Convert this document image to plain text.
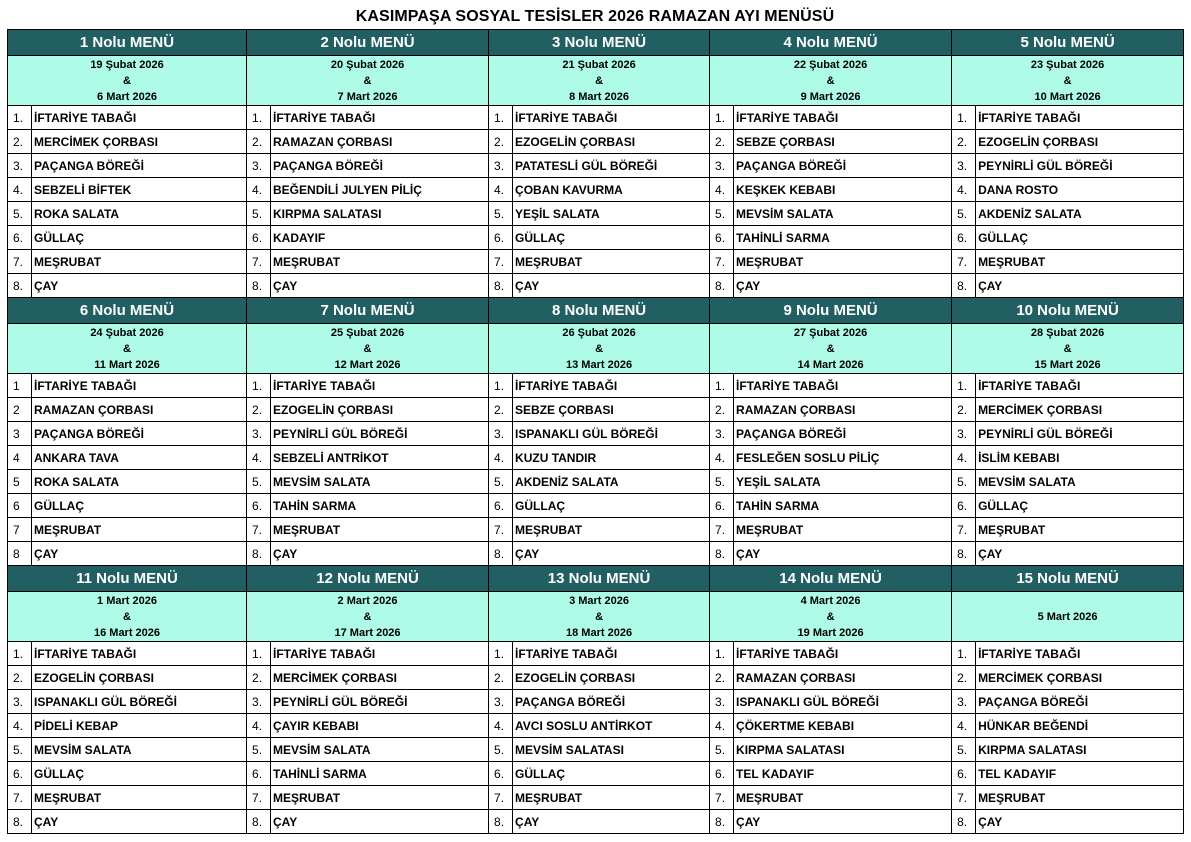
KASIMPAŞA SOSYAL TESİSLER 2026 RAMAZAN AYI MENÜSÜ
1 Nolu MENÜ		2 Nolu MENÜ		3 Nolu MENÜ		4 Nolu MENÜ		5 Nolu MENÜ	

19 Şubat 2026
&
6 Mart 2026		20 Şubat 2026
&
7 Mart 2026		21 Şubat 2026
&
8 Mart 2026		22 Şubat 2026
&
9 Mart 2026		23 Şubat 2026
&
10 Mart 2026	

1.	İFTARİYE TABAĞI	1.	İFTARİYE TABAĞI	1.	İFTARİYE TABAĞI	1.	İFTARİYE TABAĞI	1.	İFTARİYE TABAĞI
2.	MERCİMEK ÇORBASI	2.	RAMAZAN ÇORBASI	2.	EZOGELİN ÇORBASI	2.	SEBZE ÇORBASI	2.	EZOGELİN ÇORBASI
3.	PAÇANGA BÖREĞİ	3.	PAÇANGA BÖREĞİ	3.	PATATESLİ GÜL BÖREĞİ	3.	PAÇANGA BÖREĞİ	3.	PEYNİRLİ GÜL BÖREĞİ
4.	SEBZELİ BİFTEK	4.	BEĞENDİLİ JULYEN PİLİÇ	4.	ÇOBAN KAVURMA	4.	KEŞKEK KEBABI	4.	DANA ROSTO
5.	ROKA SALATA	5.	KIRPMA SALATASI	5.	YEŞİL SALATA	5.	MEVSİM SALATA	5.	AKDENİZ SALATA
6.	GÜLLAÇ	6.	KADAYIF	6.	GÜLLAÇ	6.	TAHİNLİ SARMA	6.	GÜLLAÇ
7.	MEŞRUBAT	7.	MEŞRUBAT	7.	MEŞRUBAT	7.	MEŞRUBAT	7.	MEŞRUBAT
8.	ÇAY	8.	ÇAY	8.	ÇAY	8.	ÇAY	8.	ÇAY
6 Nolu MENÜ		7 Nolu MENÜ		8 Nolu MENÜ		9 Nolu MENÜ		10 Nolu MENÜ	

24 Şubat 2026
&
11 Mart 2026		25 Şubat 2026
&
12 Mart 2026		26 Şubat 2026
&
13 Mart 2026		27 Şubat 2026
&
14 Mart 2026		28 Şubat 2026
&
15 Mart 2026	

1	İFTARİYE TABAĞI	1.	İFTARİYE TABAĞI	1.	İFTARİYE TABAĞI	1.	İFTARİYE TABAĞI	1.	İFTARİYE TABAĞI
2	RAMAZAN ÇORBASI	2.	EZOGELİN ÇORBASI	2.	SEBZE ÇORBASI	2.	RAMAZAN ÇORBASI	2.	MERCİMEK ÇORBASI
3	PAÇANGA BÖREĞİ	3.	PEYNİRLİ GÜL BÖREĞİ	3.	ISPANAKLI GÜL BÖREĞİ	3.	PAÇANGA BÖREĞİ	3.	PEYNİRLİ GÜL BÖREĞİ
4	ANKARA TAVA	4.	SEBZELİ ANTRİKOT	4.	KUZU TANDIR	4.	FESLEĞEN SOSLU PİLİÇ	4.	İSLİM KEBABI
5	ROKA SALATA	5.	MEVSİM SALATA	5.	AKDENİZ SALATA	5.	YEŞİL SALATA	5.	MEVSİM SALATA
6	GÜLLAÇ	6.	TAHİN SARMA	6.	GÜLLAÇ	6.	TAHİN SARMA	6.	GÜLLAÇ
7	MEŞRUBAT	7.	MEŞRUBAT	7.	MEŞRUBAT	7.	MEŞRUBAT	7.	MEŞRUBAT
8	ÇAY	8.	ÇAY	8.	ÇAY	8.	ÇAY	8.	ÇAY
11 Nolu MENÜ		12 Nolu MENÜ		13 Nolu MENÜ		14 Nolu MENÜ		15 Nolu MENÜ	

1 Mart 2026
&
16 Mart 2026		2 Mart 2026
&
17 Mart 2026		3 Mart 2026
&
18 Mart 2026		4 Mart 2026
&
19 Mart 2026		5 Mart 2026	

1.	İFTARİYE TABAĞI	1.	İFTARİYE TABAĞI	1.	İFTARİYE TABAĞI	1.	İFTARİYE TABAĞI	1.	İFTARİYE TABAĞI
2.	EZOGELİN ÇORBASI	2.	MERCİMEK ÇORBASI	2.	EZOGELİN ÇORBASI	2.	RAMAZAN ÇORBASI	2.	MERCİMEK ÇORBASI
3.	ISPANAKLI GÜL BÖREĞİ	3.	PEYNİRLİ GÜL BÖREĞİ	3.	PAÇANGA BÖREĞİ	3.	ISPANAKLI GÜL BÖREĞİ	3.	PAÇANGA BÖREĞİ
4.	PİDELİ KEBAP	4.	ÇAYIR KEBABI	4.	AVCI SOSLU ANTİRKOT	4.	ÇÖKERTME KEBABI	4.	HÜNKAR BEĞENDİ
5.	MEVSİM SALATA	5.	MEVSİM SALATA	5.	MEVSİM SALATASI	5.	KIRPMA SALATASI	5.	KIRPMA SALATASI
6.	GÜLLAÇ	6.	TAHİNLİ SARMA	6.	GÜLLAÇ	6.	TEL KADAYIF	6.	TEL KADAYIF
7.	MEŞRUBAT	7.	MEŞRUBAT	7.	MEŞRUBAT	7.	MEŞRUBAT	7.	MEŞRUBAT
8.	ÇAY	8.	ÇAY	8.	ÇAY	8.	ÇAY	8.	ÇAY
